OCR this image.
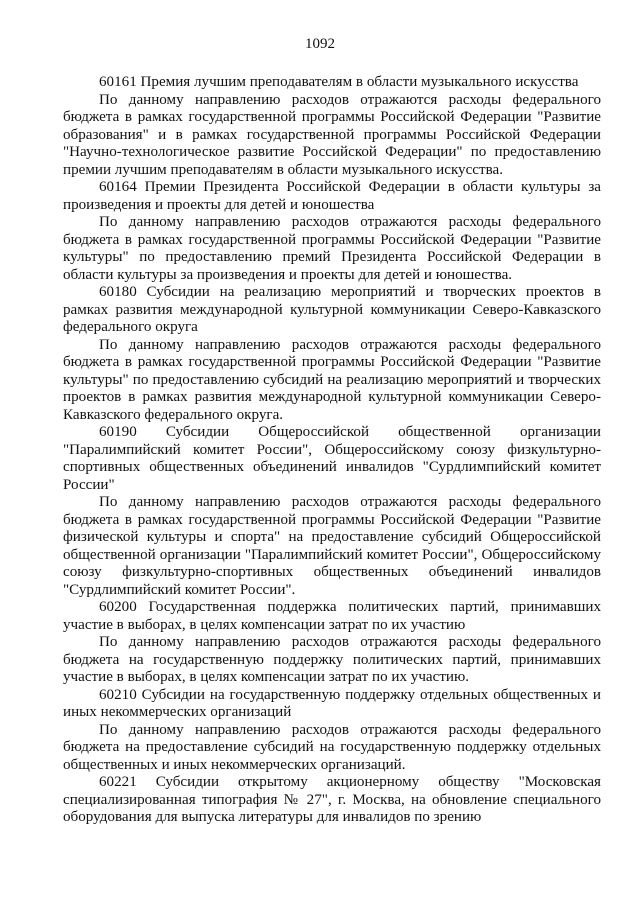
1092

60161 Премия лучшим преподавателям в области музыкального искусства

По данному направлению расходов отражаются расходы федерального бюджета в рамках государственной программы Российской Федерации "Развитие образования" и в рамках государственной программы Российской Федерации "Научно-технологическое развитие Российской Федерации" по предоставлению премии лучшим преподавателям в области музыкального искусства.

60164 Премии Президента Российской Федерации в области культуры за произведения и проекты для детей и юношества

По данному направлению расходов отражаются расходы федерального бюджета в рамках государственной программы Российской Федерации "Развитие культуры" по предоставлению премий Президента Российской Федерации в области культуры за произведения и проекты для детей и юношества.

60180 Субсидии на реализацию мероприятий и творческих проектов в рамках развития международной культурной коммуникации Северо-Кавказского федерального округа

По данному направлению расходов отражаются расходы федерального бюджета в рамках государственной программы Российской Федерации "Развитие культуры" по предоставлению субсидий на реализацию мероприятий и творческих проектов в рамках развития международной культурной коммуникации Северо-Кавказского федерального округа.

60190 Субсидии Общероссийской общественной организации "Паралимпийский комитет России", Общероссийскому союзу физкультурно-спортивных общественных объединений инвалидов "Сурдлимпийский комитет России"

По данному направлению расходов отражаются расходы федерального бюджета в рамках государственной программы Российской Федерации "Развитие физической культуры и спорта" на предоставление субсидий Общероссийской общественной организации "Паралимпийский комитет России", Общероссийскому союзу физкультурно-спортивных общественных объединений инвалидов "Сурдлимпийский комитет России".

60200 Государственная поддержка политических партий, принимавших участие в выборах, в целях компенсации затрат по их участию

По данному направлению расходов отражаются расходы федерального бюджета на государственную поддержку политических партий, принимавших участие в выборах, в целях компенсации затрат по их участию.

60210 Субсидии на государственную поддержку отдельных общественных и иных некоммерческих организаций

По данному направлению расходов отражаются расходы федерального бюджета на предоставление субсидий на государственную поддержку отдельных общественных и иных некоммерческих организаций.

60221 Субсидии открытому акционерному обществу "Московская специализированная типография № 27", г. Москва, на обновление специального оборудования для выпуска литературы для инвалидов по зрению
